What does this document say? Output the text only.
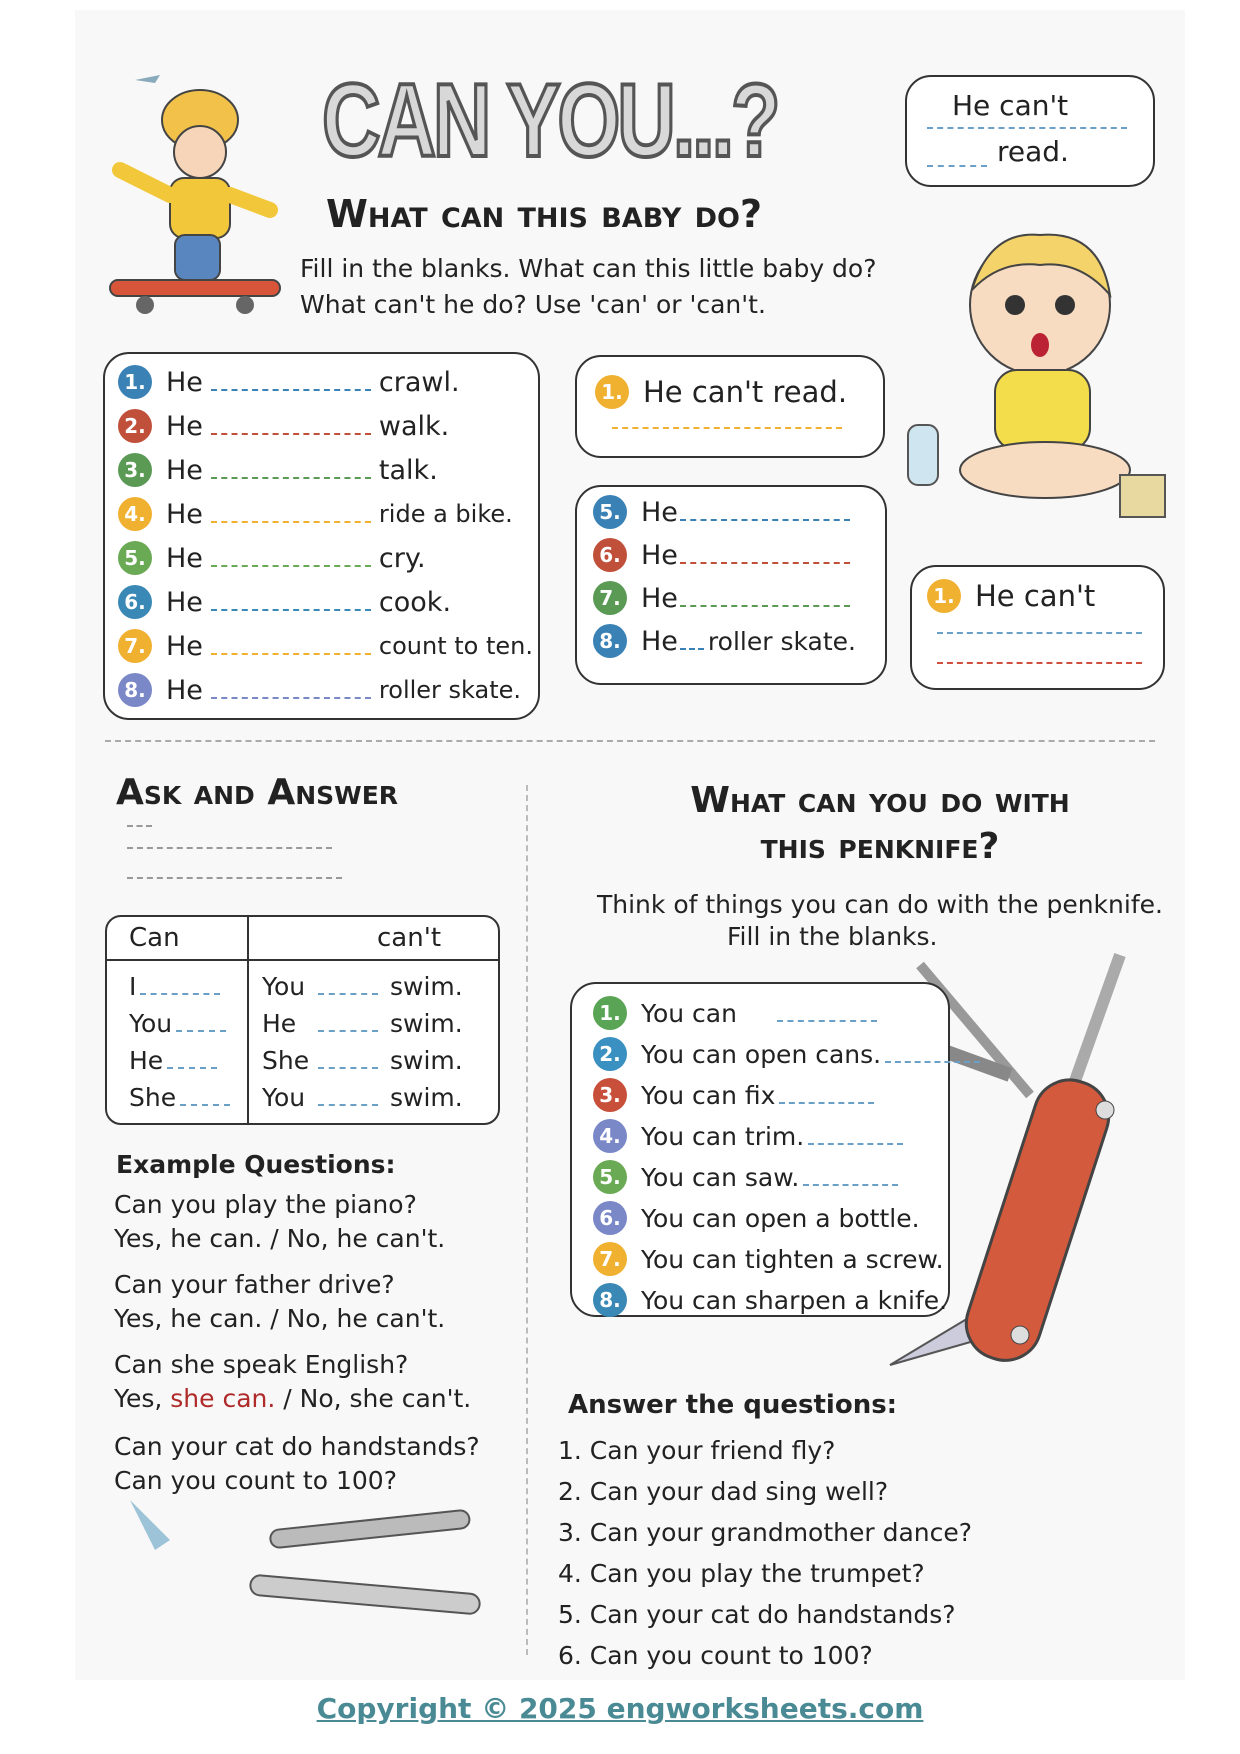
CAN YOU...?	He can't
read.
What can this baby do?
Fill in the blanks. What can this little baby do?
What can't he do? Use 'can' or 'can't.
1. He	crawl.
2. He	walk.
3. He	talk.
4. He	ride a bike.
5. He	cry.
6. He	cook.
7. He	count to ten.
8. He	roller skate.
1. He can't read.
5. He
6. He
7. He
8. He roller skate.
1. He can't
Ask and Answer
Can	can't
I	You	swim.
You	He	swim.
He	She	swim.
She	You	swim.
Example Questions:
Can you play the piano?
Yes, he can. / No, he can't.
Can your father drive?
Yes, he can. / No, he can't.
Can she speak English?
Yes, she can. / No, she can't.
Can your cat do handstands?
Can you count to 100?
What can you do with
this penknife?
Think of things you can do with the penknife.
Fill in the blanks.
1. You can
2. You can open cans.
3. You can fix
4. You can trim.
5. You can saw.
6. You can open a bottle.
7. You can tighten a screw.
8. You can sharpen a knife.
Answer the questions:
1. Can your friend fly?
2. Can your dad sing well?
3. Can your grandmother dance?
4. Can you play the trumpet?
5. Can your cat do handstands?
6. Can you count to 100?
Copyright © 2025 engworksheets.com
